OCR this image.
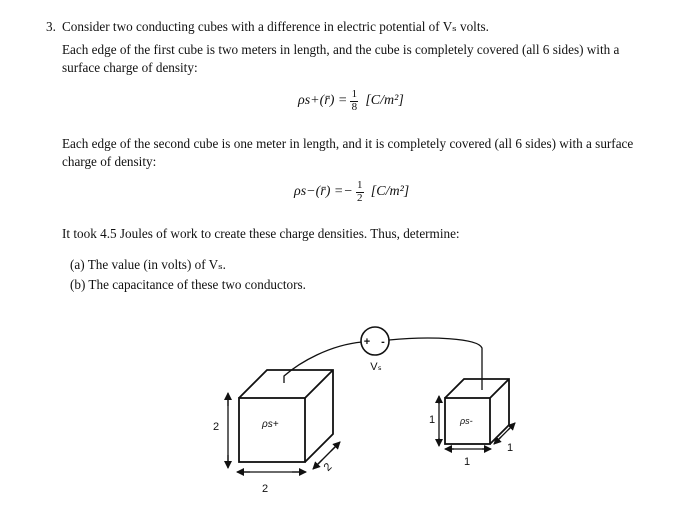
3. Consider two conducting cubes with a difference in electric potential of Vₛ volts.
Each edge of the first cube is two meters in length, and the cube is completely covered (all 6 sides) with a
surface charge of density:
ρs+(r̄) = $\frac{1}{8} [C/m^2]$
Each edge of the second cube is one meter in length, and it is completely covered (all 6 sides) with a surface
charge of density:
ρs−(r̄) =− $\frac{1}{2} [C/m^2]$
It took 4.5 Joules of work to create these charge densities. Thus, determine:
(a) The value (in volts) of Vₛ.
(b) The capacitance of these two conductors.
+ -
Vₛ
ρs+	ρs-
2
2
2
1
1
1
